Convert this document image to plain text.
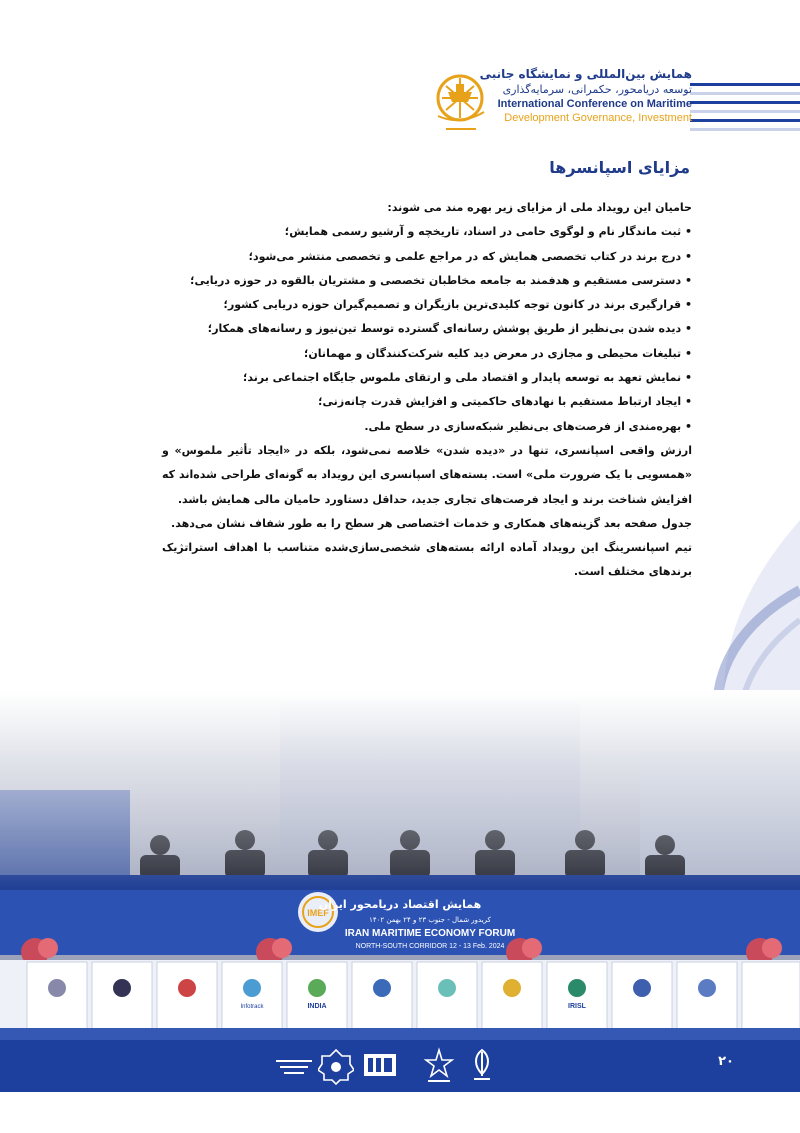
همایش بین‌المللی و نمایشگاه جانبی
توسعه دریامحور، حکمرانی، سرمایه‌گذاری
International Conference on Maritime
Development Governance, Investment
مزایای اسپانسرها
حامیان این رویداد ملی از مزایای زیر بهره مند می شوند:
• ثبت ماندگار نام و لوگوی حامی در اسناد، تاریخچه و آرشیو رسمی همایش؛
• درج برند در کتاب تخصصی همایش که در مراجع علمی و تخصصی منتشر می‌شود؛
• دسترسی مستقیم و هدفمند به جامعه مخاطبان تخصصی و مشتریان بالقوه در حوزه دریایی؛
• قرارگیری برند در کانون توجه کلیدی‌ترین بازیگران و تصمیم‌گیران حوزه دریایی کشور؛
• دیده شدن بی‌نظیر از طریق پوشش رسانه‌ای گسترده توسط تین‌نیوز و رسانه‌های همکار؛
• تبلیغات محیطی و مجازی در معرض دید کلیه شرکت‌کنندگان و مهمانان؛
• نمایش تعهد به توسعه پایدار و اقتصاد ملی و ارتقای ملموس جایگاه اجتماعی برند؛
• ایجاد ارتباط مستقیم با نهادهای حاکمیتی و افزایش قدرت چانه‌زنی؛
• بهره‌مندی از فرصت‌های بی‌نظیر شبکه‌سازی در سطح ملی.
ارزش واقعی اسپانسری، تنها در «دیده شدن» خلاصه نمی‌شود، بلکه در «ایجاد تأثیر ملموس» و «همسویی با یک ضرورت ملی» است. بسته‌های اسپانسری این رویداد به گونه‌ای طراحی شده‌اند که افزایش شناخت برند و ایجاد فرصت‌های تجاری جدید، حداقل دستاورد حامیان مالی همایش باشد.
جدول صفحه بعد گزینه‌های همکاری و خدمات اختصاصی هر سطح را به طور شفاف نشان می‌دهد.
تیم اسپانسرینگ این رویداد آماده ارائه بسته‌های شخصی‌سازی‌شده متناسب با اهداف استراتژیک برندهای مختلف است.
IMEF
همایش اقتصاد دریامحور ایران
کریدور شمال - جنوب ۲۳ و ۲۴ بهمن ۱۴۰۲
IRAN MARITIME ECONOMY FORUM
NORTH-SOUTH CORRIDOR 12 - 13 Feb. 2024
Infotrack	INDIA	IRISL
۲۰
